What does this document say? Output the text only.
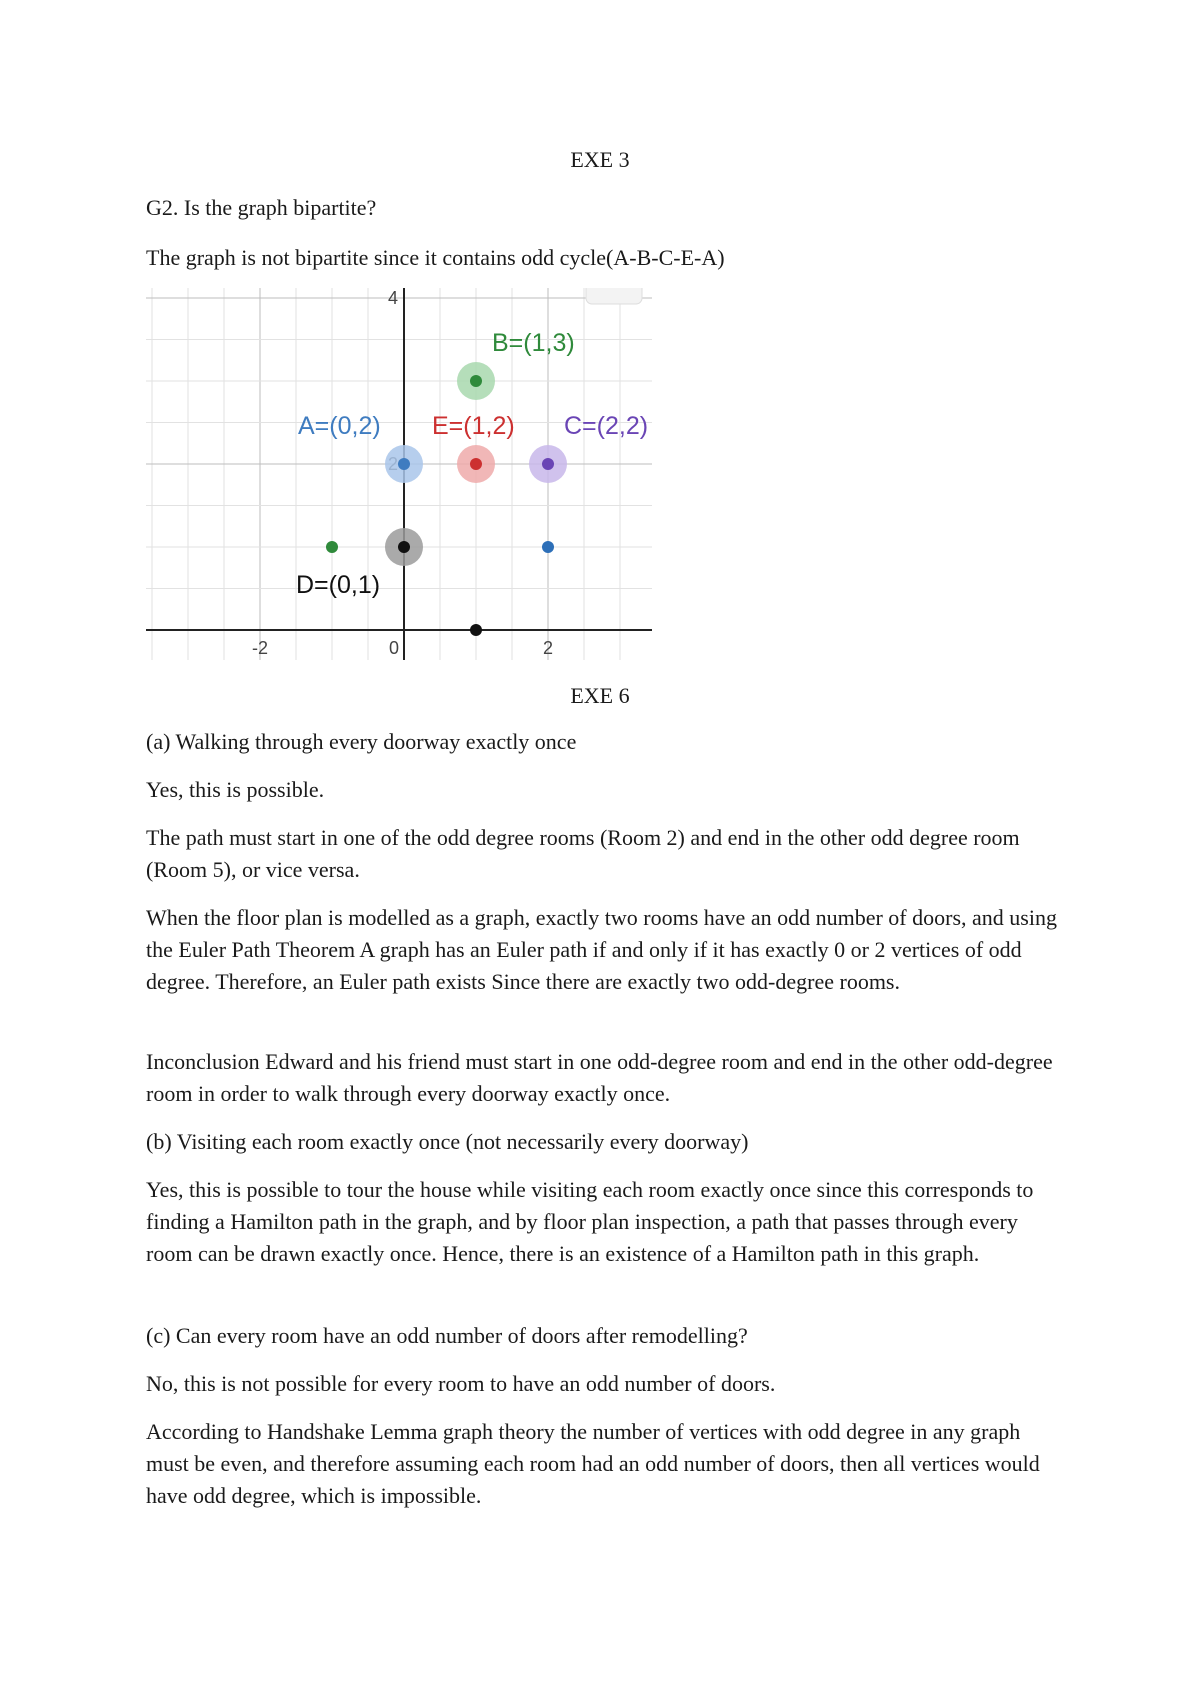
EXE 3

G2. Is the graph bipartite?

The graph is not bipartite since it contains odd cycle(A-B-C-E-A)

-2	0	2
4
A=(0,2)
B=(1,3)
C=(2,2)
D=(0,1)
E=(1,2)
EXE 6

(a) Walking through every doorway exactly once

Yes, this is possible.

The path must start in one of the odd degree rooms (Room 2) and end in the other odd degree room (Room 5), or vice versa.

When the floor plan is modelled as a graph, exactly two rooms have an odd number of doors, and using the Euler Path Theorem A graph has an Euler path if and only if it has exactly 0 or 2 vertices of odd degree. Therefore, an Euler path exists Since there are exactly two odd-degree rooms.

Inconclusion Edward and his friend must start in one odd-degree room and end in the other odd-degree room in order to walk through every doorway exactly once.

(b) Visiting each room exactly once (not necessarily every doorway)

Yes, this is possible to tour the house while visiting each room exactly once since this corresponds to finding a Hamilton path in the graph, and by floor plan inspection, a path that passes through every room can be drawn exactly once. Hence, there is an existence of a Hamilton path in this graph.

(c) Can every room have an odd number of doors after remodelling?

No, this is not possible for every room to have an odd number of doors.

According to Handshake Lemma graph theory the number of vertices with odd degree in any graph must be even, and therefore assuming each room had an odd number of doors, then all vertices would have odd degree, which is impossible.
